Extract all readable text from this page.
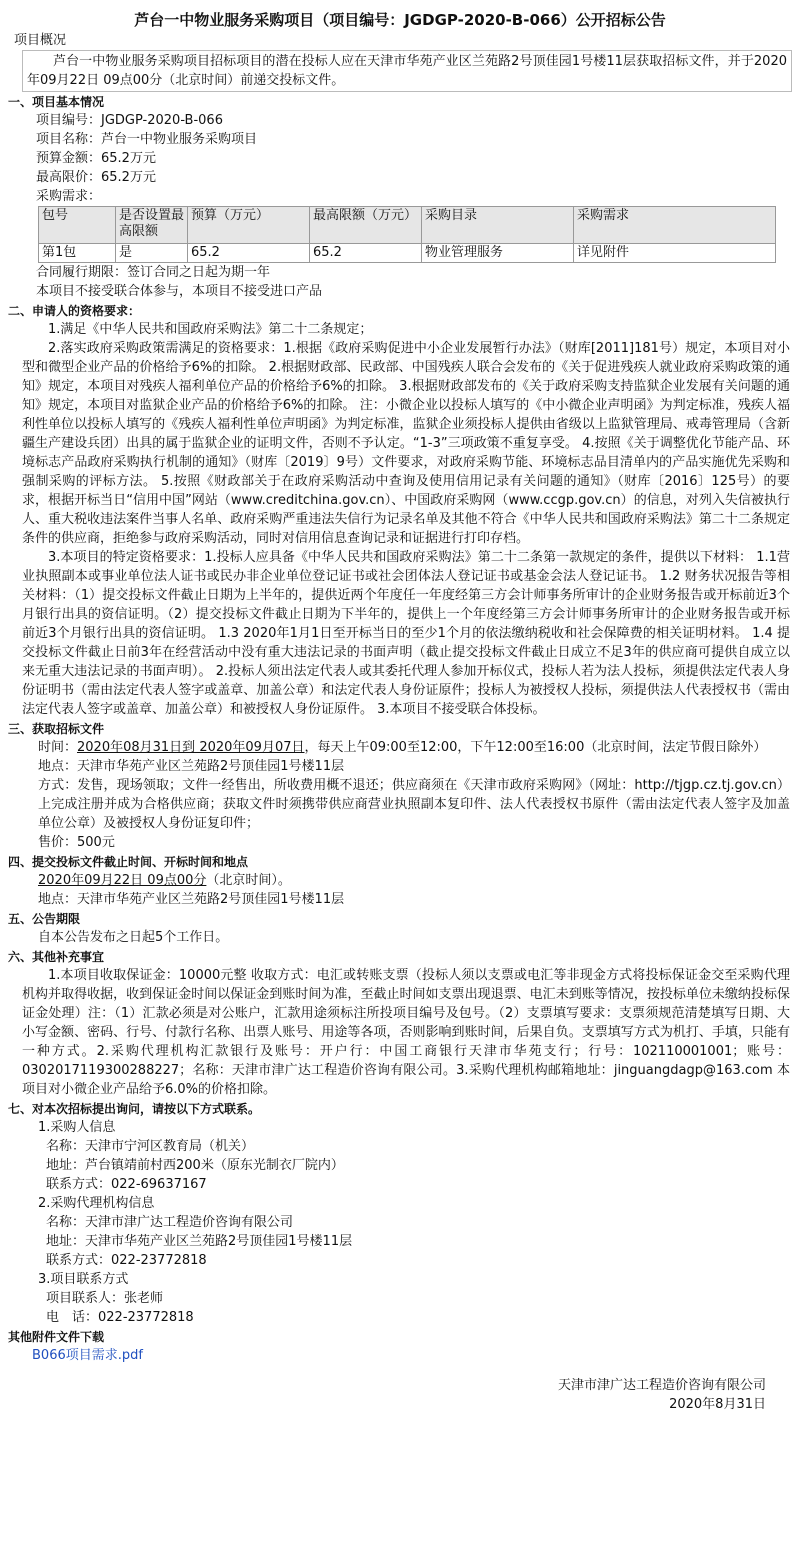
芦台一中物业服务采购项目（项目编号：JGDGP-2020-B-066）公开招标公告
项目概况
芦台一中物业服务采购项目招标项目的潜在投标人应在天津市华苑产业区兰苑路2号顶佳园1号楼11层获取招标文件，并于2020年09月22日 09点00分（北京时间）前递交投标文件。
一、项目基本情况
项目编号：JGDGP-2020-B-066
项目名称：芦台一中物业服务采购项目
预算金额：65.2万元
最高限价：65.2万元
采购需求：
包号	是否设置最高限额	预算（万元）	最高限额（万元）	采购目录	采购需求
第1包	是	65.2	65.2	物业管理服务	详见附件
合同履行期限：签订合同之日起为期一年
本项目不接受联合体参与，本项目不接受进口产品
二、申请人的资格要求：
1.满足《中华人民共和国政府采购法》第二十二条规定；
2.落实政府采购政策需满足的资格要求：1.根据《政府采购促进中小企业发展暂行办法》（财库[2011]181号）规定，本项目对小型和微型企业产品的价格给予6%的扣除。 2.根据财政部、民政部、中国残疾人联合会发布的《关于促进残疾人就业政府采购政策的通知》规定，本项目对残疾人福利单位产品的价格给予6%的扣除。 3.根据财政部发布的《关于政府采购支持监狱企业发展有关问题的通知》规定，本项目对监狱企业产品的价格给予6%的扣除。 注：小微企业以投标人填写的《中小微企业声明函》为判定标准，残疾人福利性单位以投标人填写的《残疾人福利性单位声明函》为判定标准，监狱企业须投标人提供由省级以上监狱管理局、戒毒管理局（含新疆生产建设兵团）出具的属于监狱企业的证明文件，否则不予认定。“1-3”三项政策不重复享受。 4.按照《关于调整优化节能产品、环境标志产品政府采购执行机制的通知》（财库〔2019〕9号）文件要求，对政府采购节能、环境标志品目清单内的产品实施优先采购和强制采购的评标方法。 5.按照《财政部关于在政府采购活动中查询及使用信用记录有关问题的通知》（财库〔2016〕125号）的要求，根据开标当日“信用中国”网站（www.creditchina.gov.cn）、中国政府采购网（www.ccgp.gov.cn）的信息，对列入失信被执行人、重大税收违法案件当事人名单、政府采购严重违法失信行为记录名单及其他不符合《中华人民共和国政府采购法》第二十二条规定条件的供应商，拒绝参与政府采购活动，同时对信用信息查询记录和证据进行打印存档。
3.本项目的特定资格要求：1.投标人应具备《中华人民共和国政府采购法》第二十二条第一款规定的条件，提供以下材料： 1.1营业执照副本或事业单位法人证书或民办非企业单位登记证书或社会团体法人登记证书或基金会法人登记证书。 1.2 财务状况报告等相关材料：（1）提交投标文件截止日期为上半年的，提供近两个年度任一年度经第三方会计师事务所审计的企业财务报告或开标前近3个月银行出具的资信证明。（2）提交投标文件截止日期为下半年的，提供上一个年度经第三方会计师事务所审计的企业财务报告或开标前近3个月银行出具的资信证明。 1.3 2020年1月1日至开标当日的至少1个月的依法缴纳税收和社会保障费的相关证明材料。 1.4 提交投标文件截止日前3年在经营活动中没有重大违法记录的书面声明（截止提交投标文件截止日成立不足3年的供应商可提供自成立以来无重大违法记录的书面声明）。 2.投标人须出法定代表人或其委托代理人参加开标仪式，投标人若为法人投标，须提供法定代表人身份证明书（需由法定代表人签字或盖章、加盖公章）和法定代表人身份证原件；投标人为被授权人投标，须提供法人代表授权书（需由法定代表人签字或盖章、加盖公章）和被授权人身份证原件。 3.本项目不接受联合体投标。
三、获取招标文件
时间：2020年08月31日到 2020年09月07日，每天上午09:00至12:00，下午12:00至16:00（北京时间，法定节假日除外）
地点：天津市华苑产业区兰苑路2号顶佳园1号楼11层
方式：发售，现场领取；文件一经售出，所收费用概不退还；供应商须在《天津市政府采购网》（网址：http://tjgp.cz.tj.gov.cn）上完成注册并成为合格供应商；获取文件时须携带供应商营业执照副本复印件、法人代表授权书原件（需由法定代表人签字及加盖单位公章）及被授权人身份证复印件；
售价：500元
四、提交投标文件截止时间、开标时间和地点
2020年09月22日 09点00分（北京时间）。
地点：天津市华苑产业区兰苑路2号顶佳园1号楼11层
五、公告期限
自本公告发布之日起5个工作日。
六、其他补充事宜
1.本项目收取保证金：10000元整 收取方式：电汇或转账支票（投标人须以支票或电汇等非现金方式将投标保证金交至采购代理机构并取得收据，收到保证金时间以保证金到账时间为准，至截止时间如支票出现退票、电汇未到账等情况，按投标单位未缴纳投标保证金处理）注：（1）汇款必须是对公账户，汇款用途须标注所投项目编号及包号。（2）支票填写要求：支票须规范清楚填写日期、大小写金额、密码、行号、付款行名称、出票人账号、用途等各项，否则影响到账时间，后果自负。支票填写方式为机打、手填，只能有一种方式。2.采购代理机构汇款银行及账号：开户行：中国工商银行天津市华苑支行；行号：102110001001；账号：0302017119300288227；名称：天津市津广达工程造价咨询有限公司。3.采购代理机构邮箱地址：jinguangdagp@163.com 本项目对小微企业产品给予6.0%的价格扣除。
七、对本次招标提出询问，请按以下方式联系。
1.采购人信息
名称：天津市宁河区教育局（机关）
地址：芦台镇靖前村西200米（原东光制衣厂院内）
联系方式：022-69637167
2.采购代理机构信息
名称：天津市津广达工程造价咨询有限公司
地址：天津市华苑产业区兰苑路2号顶佳园1号楼11层
联系方式：022-23772818
3.项目联系方式
项目联系人：张老师
电　话：022-23772818
其他附件文件下载
B066项目需求.pdf
天津市津广达工程造价咨询有限公司
2020年8月31日
